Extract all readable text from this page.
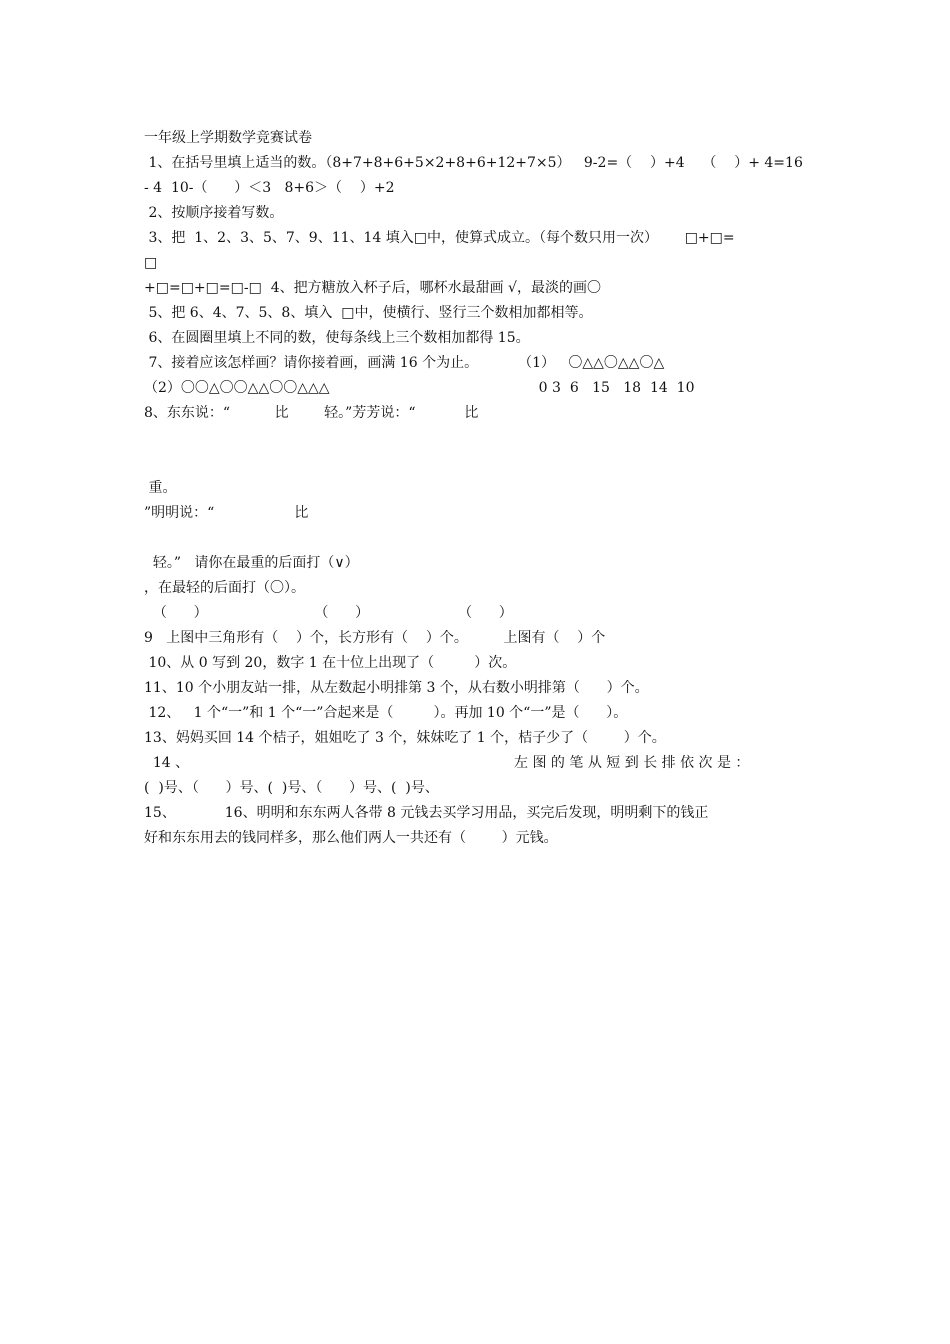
一年级上学期数学竞赛试卷
1、在括号里填上适当的数。（8+7+8+6+5×2+8+6+12+7×5）   9-2=（    ）+4    （    ）+ 4=16
- 4  10-（      ）＜3   8+6＞（    ）+2
2、按顺序接着写数。
3、把  1、2、3、5、7、9、11、14 填入□中，使算式成立。（每个数只用一次）      □+□=
□
+□=□+□=□-□  4、把方糖放入杯子后，哪杯水最甜画 √，最淡的画〇
5、把 6、4、7、5、8、填入  □中，使横行、竖行三个数相加都相等。
6、在圆圈里填上不同的数，使每条线上三个数相加都得 15。
7、接着应该怎样画？请你接着画，画满 16 个为止。         （1）   〇△△〇△△〇△
（2）〇〇△〇〇△△〇〇△△△                                               0 3  6   15   18  14  10
8、东东说：“          比        轻。”芳芳说：“           比
重。
”明明说：“                  比
轻。”   请你在最重的后面打（∨）
，在最轻的后面打（〇）。
（      ）                        （      ）                    （      ）
9   上图中三角形有（    ）个，长方形有（    ）个。        上图有（    ）个
10、从 0 写到 20，数字 1 在十位上出现了（         ）次。
11、10 个小朋友站一排，从左数起小明排第 3 个，从右数小明排第（      ）个。
12、   1 个“一”和 1 个“一”合起来是（         ）。再加 10 个“一”是（      ）。
13、妈妈买回 14 个桔子，姐姐吃了 3 个，妹妹吃了 1 个，桔子少了（        ）个。
14 、                                                                         左 图 的 笔 从 短 到 长 排 依 次 是 ：
(  )号、（      ）号、(  )号、（      ）号、(  )号、
15、           16、明明和东东两人各带 8 元钱去买学习用品，买完后发现，明明剩下的钱正
好和东东用去的钱同样多，那么他们两人一共还有（        ）元钱。
